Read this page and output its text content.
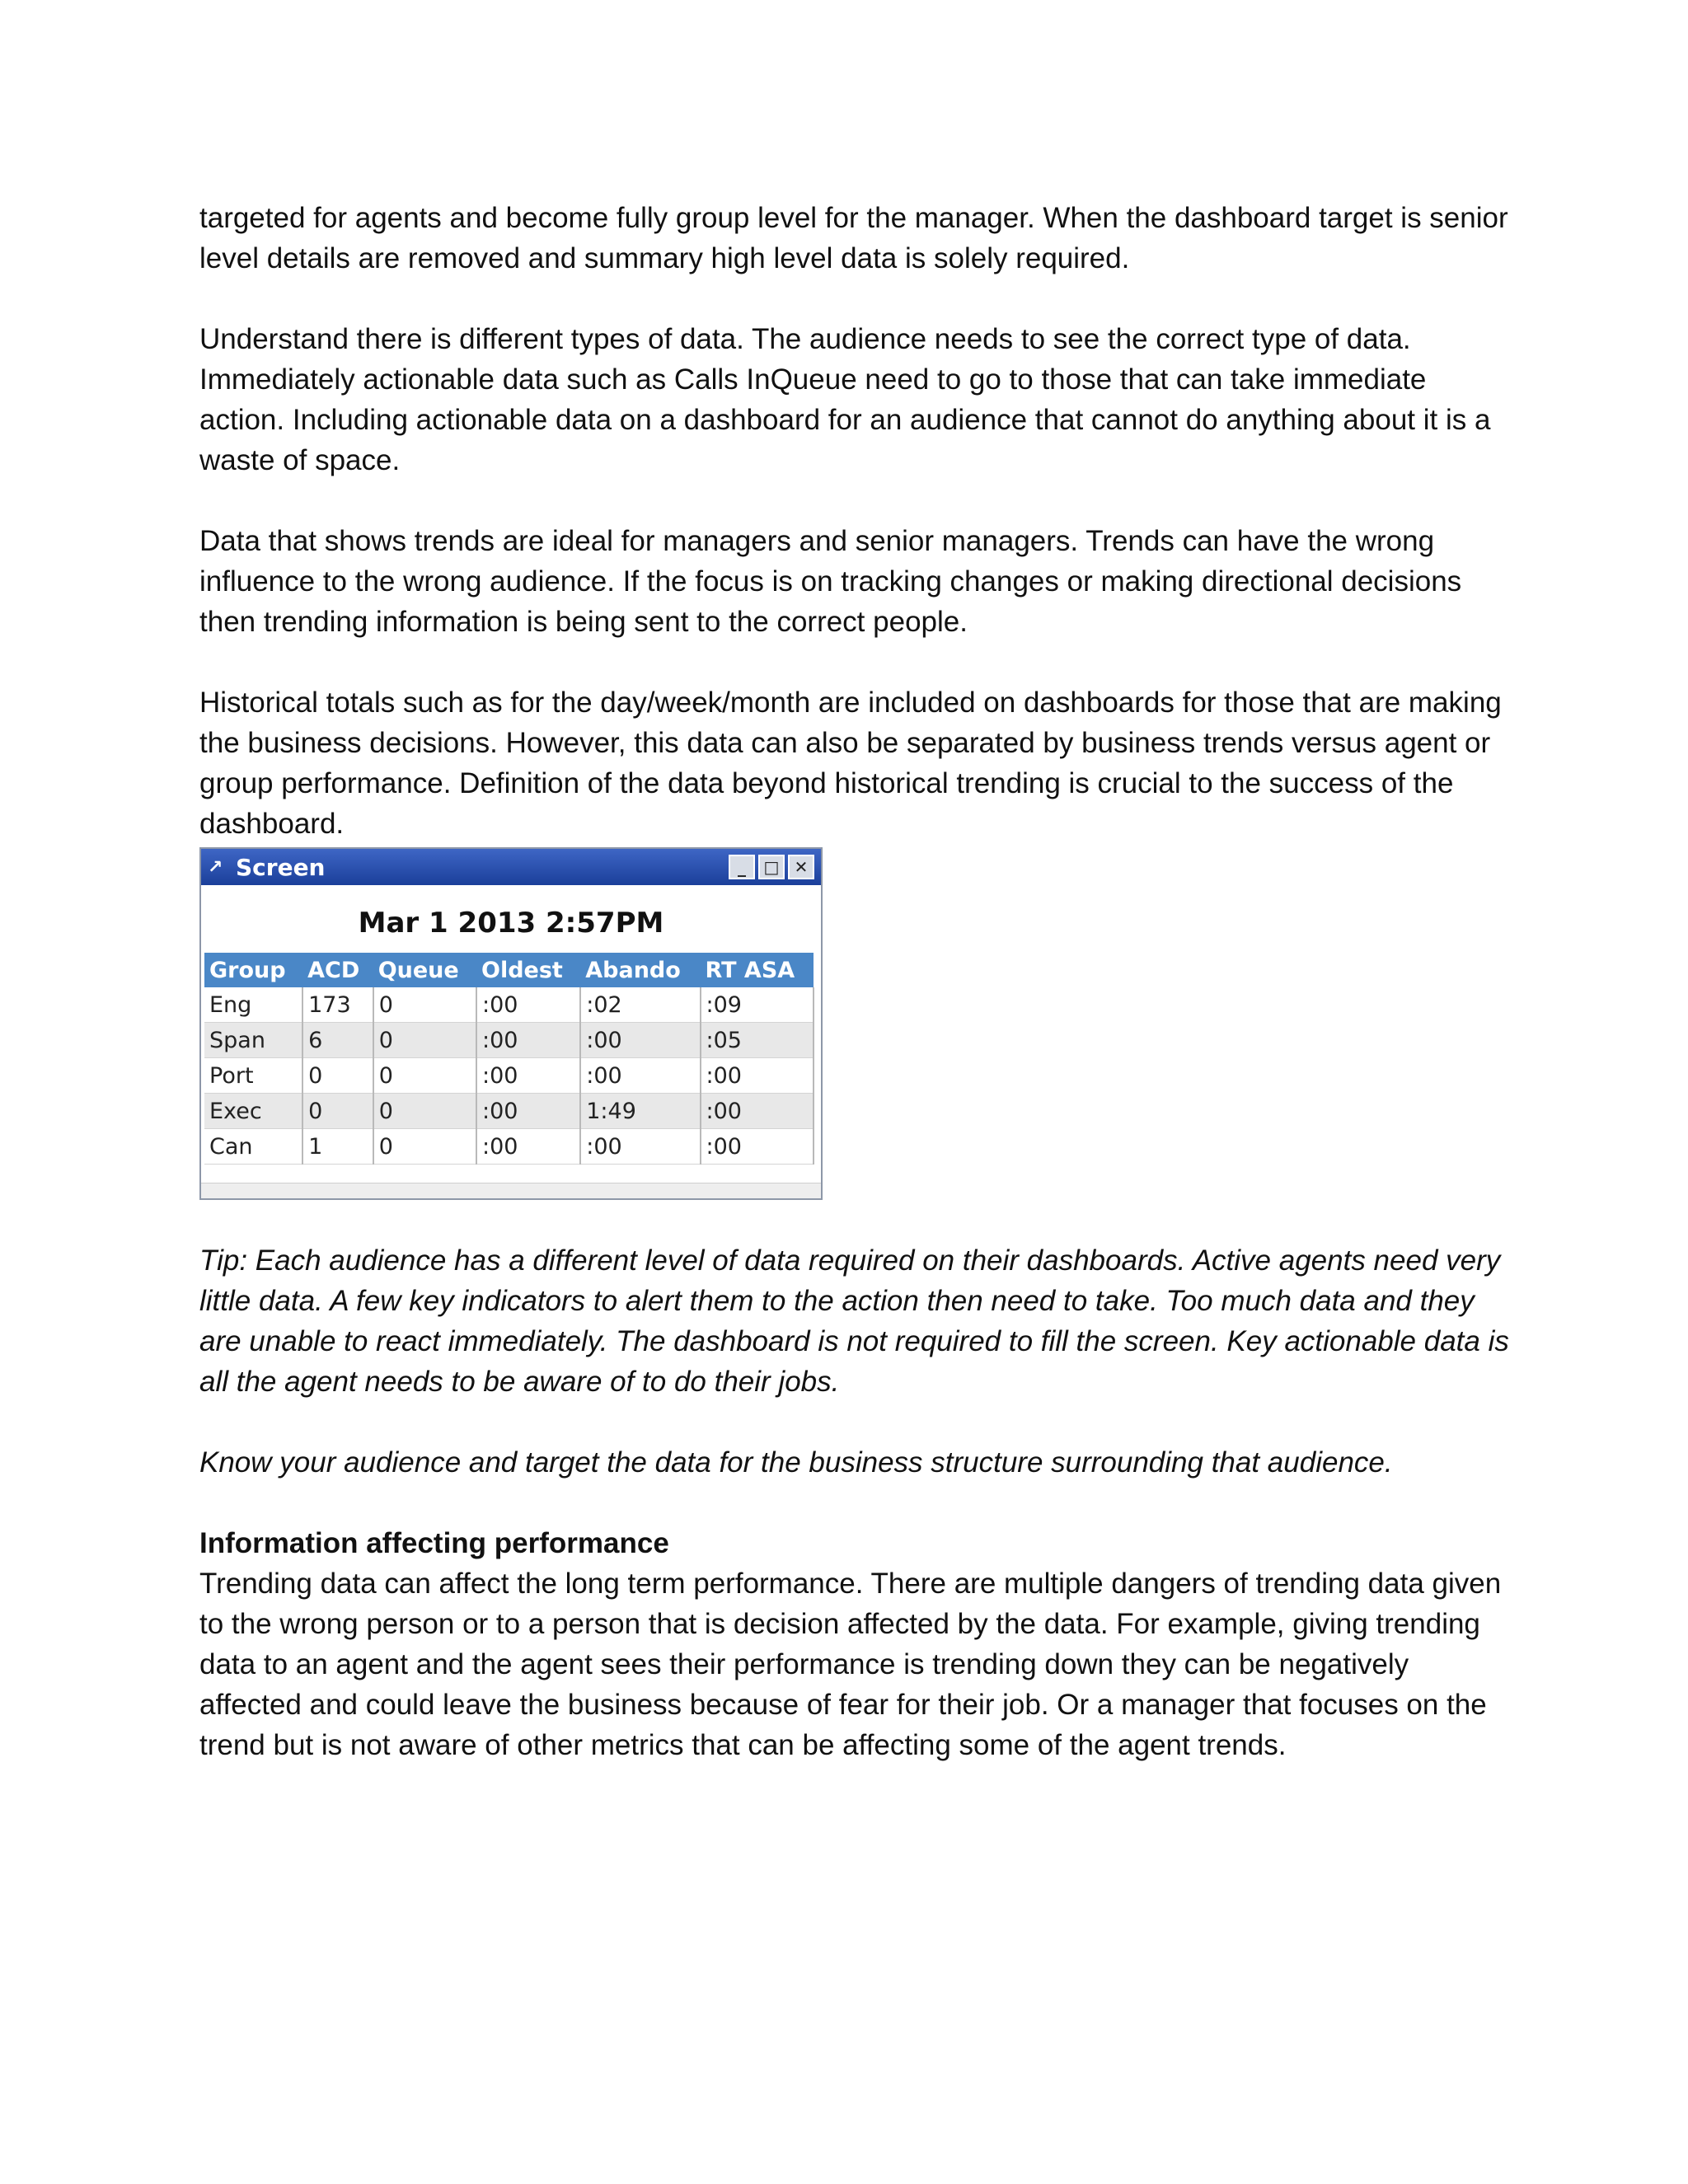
targeted for agents and become fully group level for the manager. When the dashboard target is senior level details are removed and summary high level data is solely required.

Understand there is different types of data. The audience needs to see the correct type of data. Immediately actionable data such as Calls InQueue need to go to those that can take immediate action. Including actionable data on a dashboard for an audience that cannot do anything about it is a waste of space.

Data that shows trends are ideal for managers and senior managers. Trends can have the wrong influence to the wrong audience. If the focus is on tracking changes or making directional decisions then trending information is being sent to the correct people.

Historical totals such as for the day/week/month are included on dashboards for those that are making the business decisions. However, this data can also be separated by business trends versus agent or group performance. Definition of the data beyond historical trending is crucial to the success of the dashboard.

↗ Screen	_	□ ✕
Mar 1 2013 2:57PM
Group	ACD	Queue	Oldest	Abando	RT ASA
Eng	173	0	:00	:02	:09
Span	6	0	:00	:00	:05
Port	0	0	:00	:00	:00
Exec	0	0	:00	1:49	:00
Can	1	0	:00	:00	:00

Tip: Each audience has a different level of data required on their dashboards. Active agents need very little data. A few key indicators to alert them to the action then need to take. Too much data and they are unable to react immediately. The dashboard is not required to fill the screen. Key actionable data is all the agent needs to be aware of to do their jobs.

Know your audience and target the data for the business structure surrounding that audience.

Information affecting performance

Trending data can affect the long term performance. There are multiple dangers of trending data given to the wrong person or to a person that is decision affected by the data. For example, giving trending data to an agent and the agent sees their performance is trending down they can be negatively affected and could leave the business because of fear for their job. Or a manager that focuses on the trend but is not aware of other metrics that can be affecting some of the agent trends.
